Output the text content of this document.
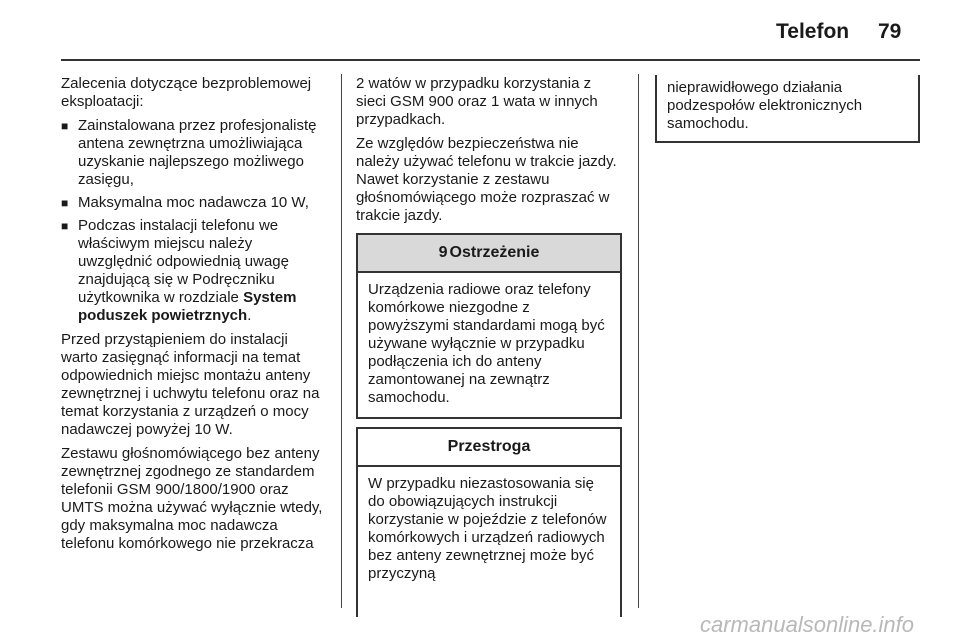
Telefon 79

Zalecenia dotyczące bezproblemowej eksploatacji:

■ Zainstalowana przez profesjonalistę antena zewnętrzna umożliwiająca uzyskanie najlepszego możliwego zasięgu,
■ Maksymalna moc nadawcza 10 W,
■ Podczas instalacji telefonu we właściwym miejscu należy uwzględnić odpowiednią uwagę znajdującą się w Podręczniku użytkownika w rozdziale System poduszek powietrznych.

Przed przystąpieniem do instalacji warto zasięgnąć informacji na temat odpowiednich miejsc montażu anteny zewnętrznej i uchwytu telefonu oraz na temat korzystania z urządzeń o mocy nadawczej powyżej 10 W.

Zestawu głośnomówiącego bez anteny zewnętrznej zgodnego ze standardem telefonii GSM 900/1800/1900 oraz UMTS można używać wyłącznie wtedy, gdy maksymalna moc nadawcza telefonu komórkowego nie przekracza

2 watów w przypadku korzystania z sieci GSM 900 oraz 1 wata w innych przypadkach.

Ze względów bezpieczeństwa nie należy używać telefonu w trakcie jazdy. Nawet korzystanie z zestawu głośnomówiącego może rozpraszać w trakcie jazdy.

9 Ostrzeżenie
Urządzenia radiowe oraz telefony komórkowe niezgodne z powyższymi standardami mogą być używane wyłącznie w przypadku podłączenia ich do anteny zamontowanej na zewnątrz samochodu.
Przestroga
W przypadku niezastosowania się do obowiązujących instrukcji korzystanie w pojeździe z telefonów komórkowych i urządzeń radiowych bez anteny zewnętrznej może być przyczyną
nieprawidłowego działania podzespołów elektronicznych samochodu.
carmanualsonline.info
